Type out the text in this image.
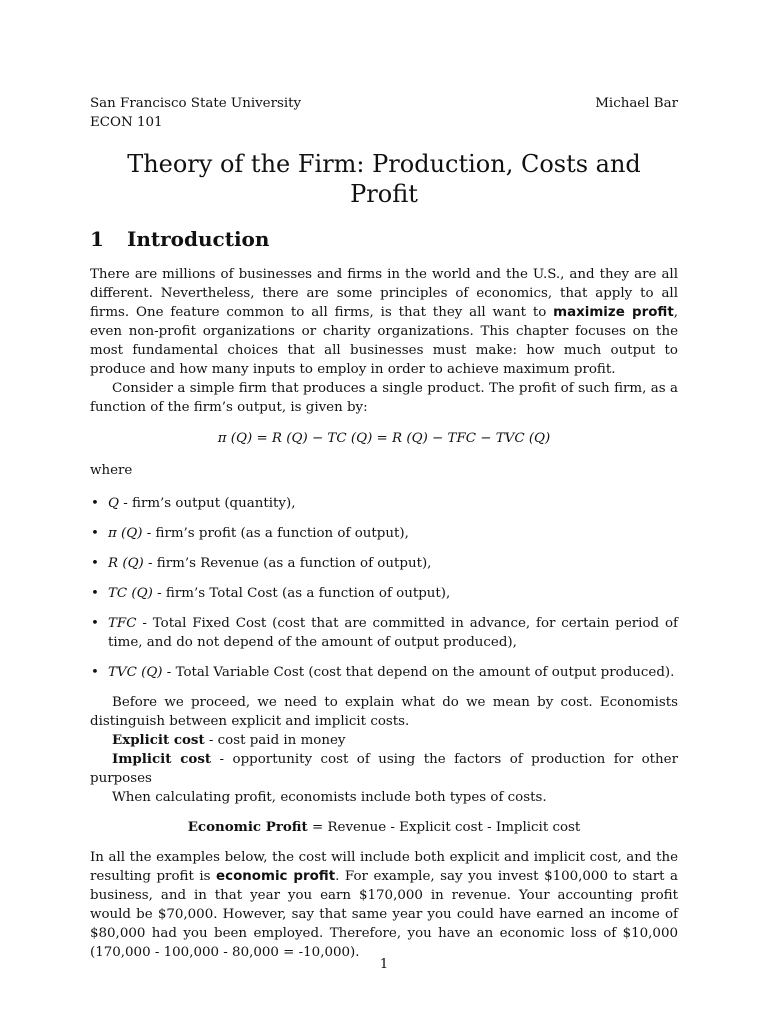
San Francisco State University	Michael Bar
ECON 101
Theory of the Firm: Production, Costs and Profit
1	Introduction

There are millions of businesses and firms in the world and the U.S., and they are all different. Nevertheless, there are some principles of economics, that apply to all firms. One feature common to all firms, is that they all want to maximize profit, even non-profit organizations or charity organizations. This chapter focuses on the most fundamental choices that all businesses must make: how much output to produce and how many inputs to employ in order to achieve maximum profit.

Consider a simple firm that produces a single product. The profit of such firm, as a function of the firm’s output, is given by:

π (Q) = R (Q) − TC (Q) = R (Q) − TFC − TVC (Q)

where

• Q - firm’s output (quantity),
• π (Q) - firm’s profit (as a function of output),
• R (Q) - firm’s Revenue (as a function of output),
• TC (Q) - firm’s Total Cost (as a function of output),
• TFC - Total Fixed Cost (cost that are committed in advance, for certain period of time, and do not depend of the amount of output produced),
• TVC (Q) - Total Variable Cost (cost that depend on the amount of output produced).

Before we proceed, we need to explain what do we mean by cost. Economists distinguish between explicit and implicit costs.

Explicit cost - cost paid in money

Implicit cost - opportunity cost of using the factors of production for other purposes

When calculating profit, economists include both types of costs.

Economic Profit = Revenue - Explicit cost - Implicit cost

In all the examples below, the cost will include both explicit and implicit cost, and the resulting profit is economic profit. For example, say you invest $100,000 to start a business, and in that year you earn $170,000 in revenue. Your accounting profit would be $70,000. However, say that same year you could have earned an income of $80,000 had you been employed. Therefore, you have an economic loss of $10,000 (170,000 - 100,000 - 80,000 = -10,000).

1
